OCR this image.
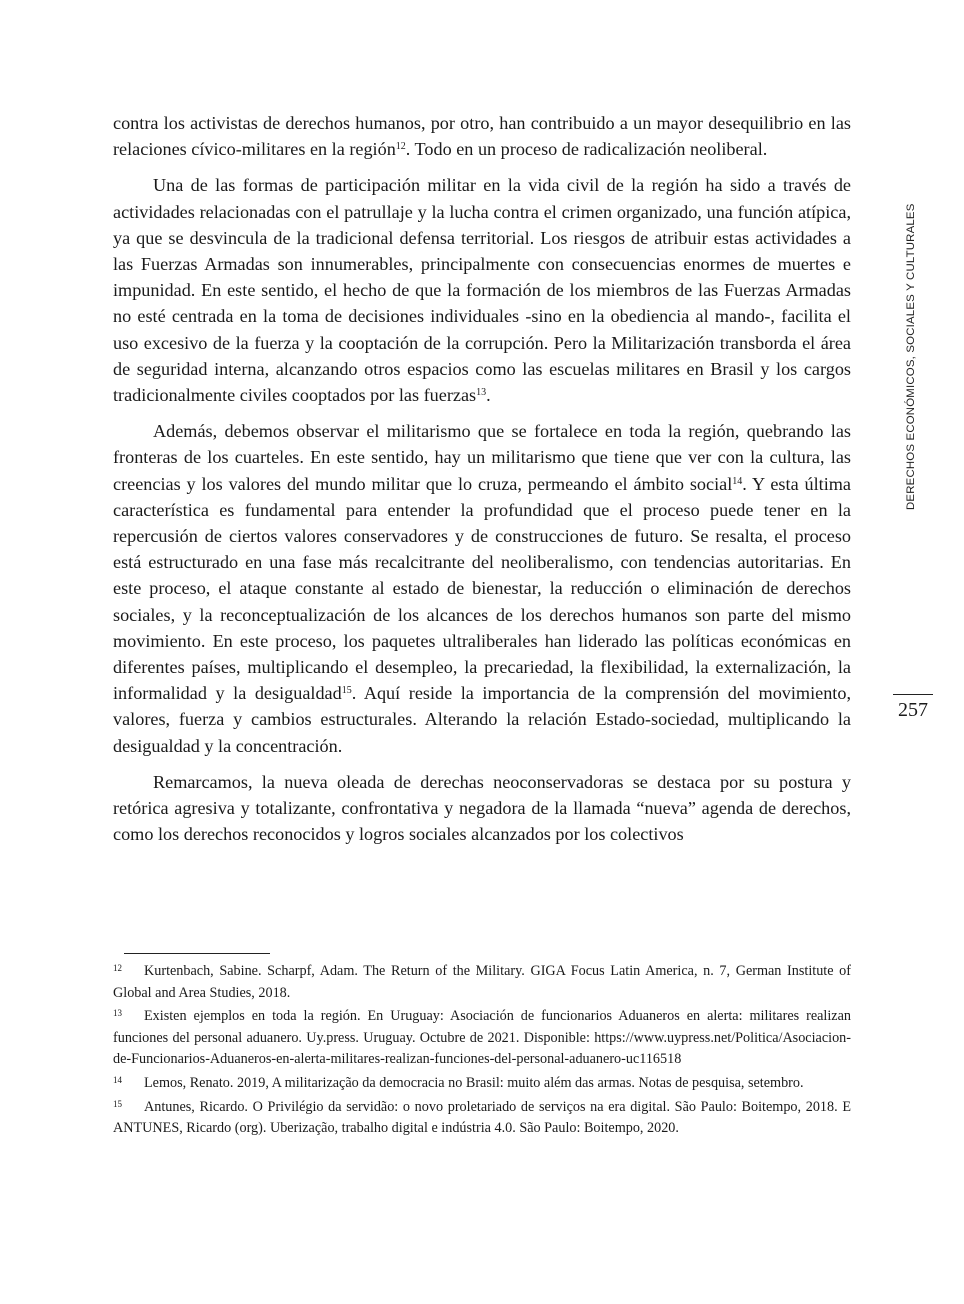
contra los activistas de derechos humanos, por otro, han contribuido a un mayor desequilibrio en las relaciones cívico-militares en la región$^{12}$. Todo en un proceso de radicalización neoliberal.

Una de las formas de participación militar en la vida civil de la región ha sido a través de actividades relacionadas con el patrullaje y la lucha contra el crimen organizado, una función atípica, ya que se desvincula de la tradicional defensa territorial. Los riesgos de atribuir estas actividades a las Fuerzas Armadas son innumerables, principalmente con consecuencias enormes de muertes e impunidad. En este sentido, el hecho de que la formación de los miembros de las Fuerzas Armadas no esté centrada en la toma de decisiones individuales -sino en la obediencia al mando-, facilita el uso excesivo de la fuerza y la cooptación de la corrupción. Pero la Militarización transborda el área de seguridad interna, alcanzando otros espacios como las escuelas militares en Brasil y los cargos tradicionalmente civiles cooptados por las fuerzas$^{13}$.

Además, debemos observar el militarismo que se fortalece en toda la región, quebrando las fronteras de los cuarteles. En este sentido, hay un militarismo que tiene que ver con la cultura, las creencias y los valores del mundo militar que lo cruza, permeando el ámbito social$^{14}$. Y esta última característica es fundamental para entender la profundidad que el proceso puede tener en la repercusión de ciertos valores conservadores y de construcciones de futuro. Se resalta, el proceso está estructurado en una fase más recalcitrante del neoliberalismo, con tendencias autoritarias. En este proceso, el ataque constante al estado de bienestar, la reducción o eliminación de derechos sociales, y la reconceptualización de los alcances de los derechos humanos son parte del mismo movimiento. En este proceso, los paquetes ultraliberales han liderado las políticas económicas en diferentes países, multiplicando el desempleo, la precariedad, la flexibilidad, la externalización, la informalidad y la desigualdad$^{15}$. Aquí reside la importancia de la comprensión del movimiento, valores, fuerza y cambios estructurales. Alterando la relación Estado-sociedad, multiplicando la desigualdad y la concentración.

Remarcamos, la nueva oleada de derechas neoconservadoras se destaca por su postura y retórica agresiva y totalizante, confrontativa y negadora de la llamada “nueva” agenda de derechos, como los derechos reconocidos y logros sociales alcanzados por los colectivos

12 Kurtenbach, Sabine. Scharpf, Adam. The Return of the Military. GIGA Focus Latin America, n. 7, German Institute of Global and Area Studies, 2018.
13 Existen ejemplos en toda la región. En Uruguay: Asociación de funcionarios Aduaneros en alerta: militares realizan funciones del personal aduanero. Uy.press. Uruguay. Octubre de 2021. Disponible: https://www.uypress.net/Politica/Asociacion-de-Funcionarios-Aduaneros-en-alerta-militares-realizan-funciones-del-personal-aduanero-uc116518
14 Lemos, Renato. 2019, A militarização da democracia no Brasil: muito além das armas. Notas de pesquisa, setembro.
15 Antunes, Ricardo. O Privilégio da servidão: o novo proletariado de serviços na era digital. São Paulo: Boitempo, 2018. E ANTUNES, Ricardo (org). Uberização, trabalho digital e indústria 4.0. São Paulo: Boitempo, 2020.
DERECHOS ECONÓMICOS, SOCIALES Y CULTURALES
257
